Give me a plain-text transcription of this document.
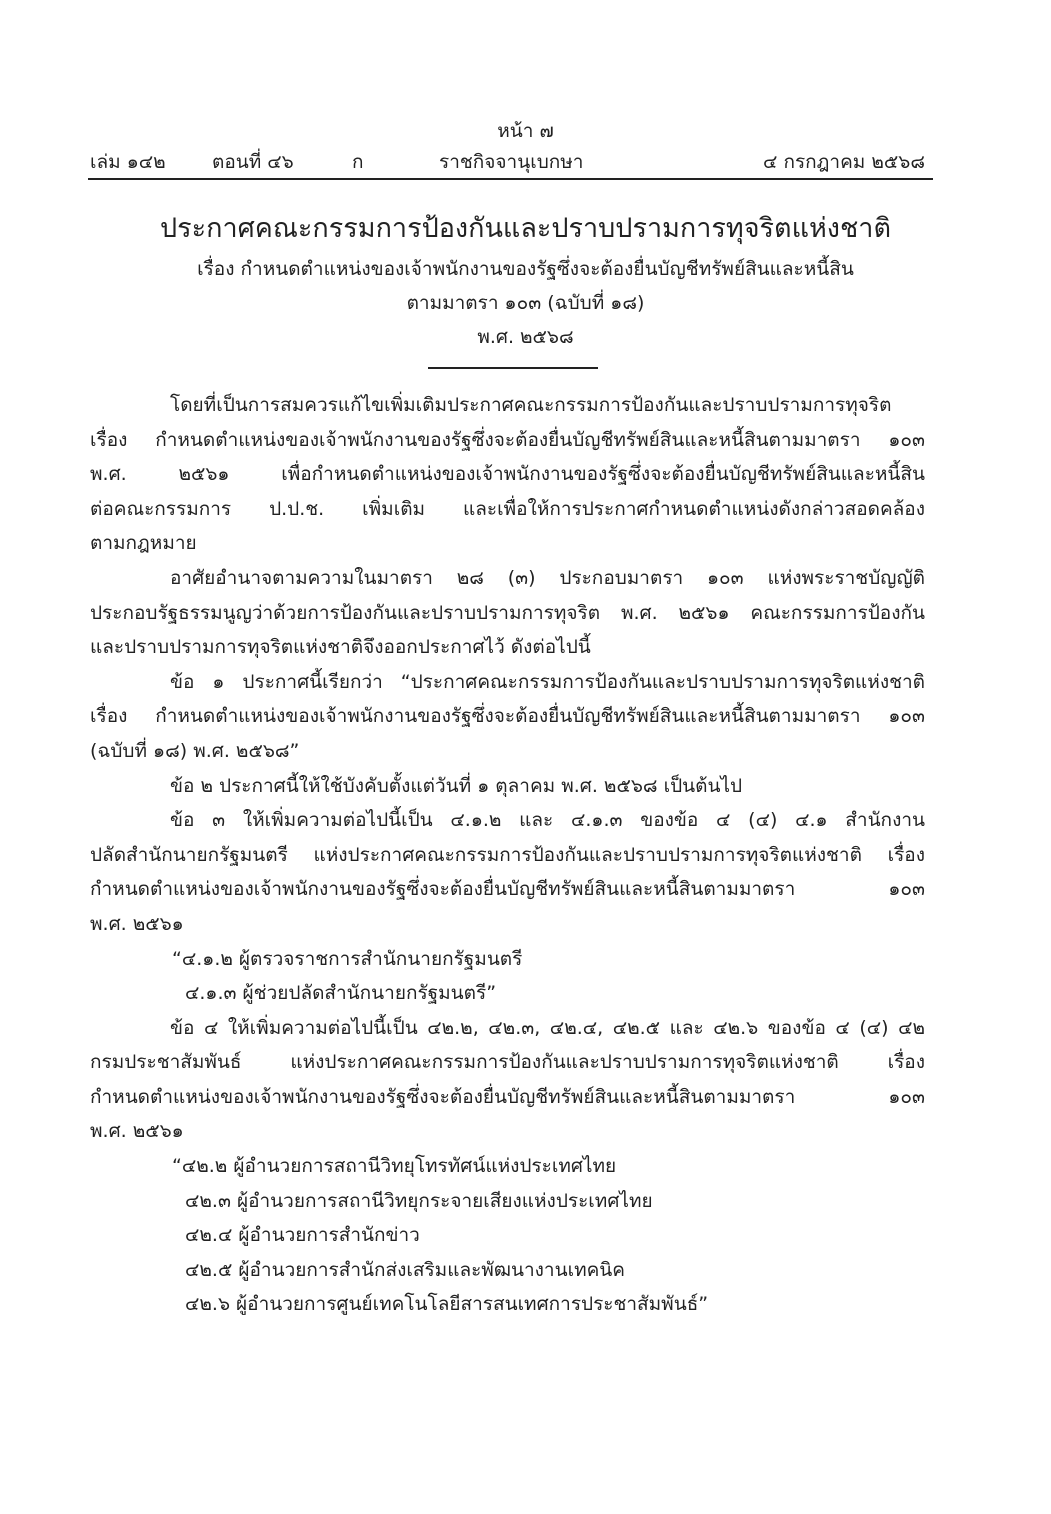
หน้า ๗
เล่ม ๑๔๒ ตอนที่ ๔๖	ก	ราชกิจจานุเบกษา	๔ กรกฎาคม ๒๕๖๘
ประกาศคณะกรรมการป้องกันและปราบปรามการทุจริตแห่งชาติ
เรื่อง กำหนดตำแหน่งของเจ้าพนักงานของรัฐซึ่งจะต้องยื่นบัญชีทรัพย์สินและหนี้สิน
ตามมาตรา ๑๐๓ (ฉบับที่ ๑๘)
พ.ศ. ๒๕๖๘
โดยที่เป็นการสมควรแก้ไขเพิ่มเติมประกาศคณะกรรมการป้องกันและปราบปรามการทุจริต
เรื่อง กำหนดตำแหน่งของเจ้าพนักงานของรัฐซึ่งจะต้องยื่นบัญชีทรัพย์สินและหนี้สินตามมาตรา ๑๐๓
พ.ศ. ๒๕๖๑ เพื่อกำหนดตำแหน่งของเจ้าพนักงานของรัฐซึ่งจะต้องยื่นบัญชีทรัพย์สินและหนี้สิน
ต่อคณะกรรมการ ป.ป.ช. เพิ่มเติม และเพื่อให้การประกาศกำหนดตำแหน่งดังกล่าวสอดคล้อง
ตามกฎหมาย
อาศัยอำนาจตามความในมาตรา ๒๘ (๓) ประกอบมาตรา ๑๐๓ แห่งพระราชบัญญัติ
ประกอบรัฐธรรมนูญว่าด้วยการป้องกันและปราบปรามการทุจริต พ.ศ. ๒๕๖๑ คณะกรรมการป้องกัน
และปราบปรามการทุจริตแห่งชาติจึงออกประกาศไว้ ดังต่อไปนี้
ข้อ ๑ ประกาศนี้เรียกว่า “ประกาศคณะกรรมการป้องกันและปราบปรามการทุจริตแห่งชาติ
เรื่อง กำหนดตำแหน่งของเจ้าพนักงานของรัฐซึ่งจะต้องยื่นบัญชีทรัพย์สินและหนี้สินตามมาตรา ๑๐๓
(ฉบับที่ ๑๘) พ.ศ. ๒๕๖๘”
ข้อ ๒ ประกาศนี้ให้ใช้บังคับตั้งแต่วันที่ ๑ ตุลาคม พ.ศ. ๒๕๖๘ เป็นต้นไป
ข้อ ๓ ให้เพิ่มความต่อไปนี้เป็น ๔.๑.๒ และ ๔.๑.๓ ของข้อ ๔ (๔) ๔.๑ สำนักงาน
ปลัดสำนักนายกรัฐมนตรี แห่งประกาศคณะกรรมการป้องกันและปราบปรามการทุจริตแห่งชาติ เรื่อง
กำหนดตำแหน่งของเจ้าพนักงานของรัฐซึ่งจะต้องยื่นบัญชีทรัพย์สินและหนี้สินตามมาตรา ๑๐๓
พ.ศ. ๒๕๖๑
“๔.๑.๒ ผู้ตรวจราชการสำนักนายกรัฐมนตรี
๔.๑.๓ ผู้ช่วยปลัดสำนักนายกรัฐมนตรี”
ข้อ ๔ ให้เพิ่มความต่อไปนี้เป็น ๔๒.๒, ๔๒.๓, ๔๒.๔, ๔๒.๕ และ ๔๒.๖ ของข้อ ๔ (๔) ๔๒
กรมประชาสัมพันธ์ แห่งประกาศคณะกรรมการป้องกันและปราบปรามการทุจริตแห่งชาติ เรื่อง
กำหนดตำแหน่งของเจ้าพนักงานของรัฐซึ่งจะต้องยื่นบัญชีทรัพย์สินและหนี้สินตามมาตรา ๑๐๓
พ.ศ. ๒๕๖๑
“๔๒.๒ ผู้อำนวยการสถานีวิทยุโทรทัศน์แห่งประเทศไทย
๔๒.๓ ผู้อำนวยการสถานีวิทยุกระจายเสียงแห่งประเทศไทย
๔๒.๔ ผู้อำนวยการสำนักข่าว
๔๒.๕ ผู้อำนวยการสำนักส่งเสริมและพัฒนางานเทคนิค
๔๒.๖ ผู้อำนวยการศูนย์เทคโนโลยีสารสนเทศการประชาสัมพันธ์”
